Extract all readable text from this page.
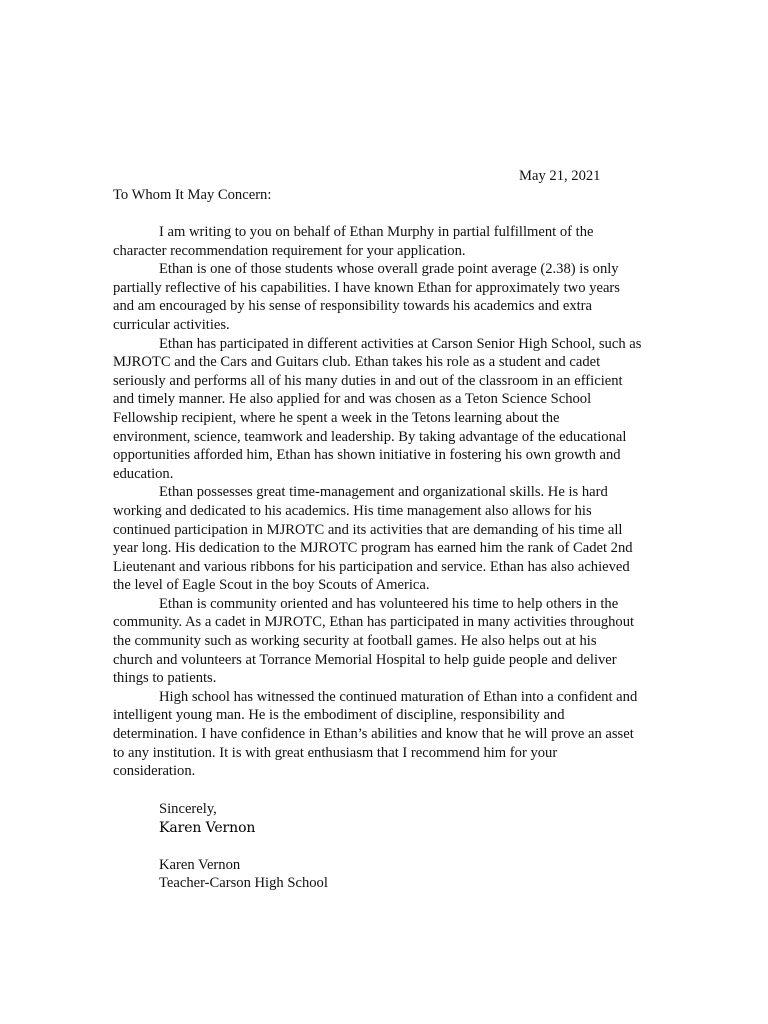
May 21, 2021
To Whom It May Concern:
I am writing to you on behalf of Ethan Murphy in partial fulfillment of the
character recommendation requirement for your application.
Ethan is one of those students whose overall grade point average (2.38) is only
partially reflective of his capabilities. I have known Ethan for approximately two years
and am encouraged by his sense of responsibility towards his academics and extra
curricular activities.
Ethan has participated in different activities at Carson Senior High School, such as
MJROTC and the Cars and Guitars club. Ethan takes his role as a student and cadet
seriously and performs all of his many duties in and out of the classroom in an efficient
and timely manner. He also applied for and was chosen as a Teton Science School
Fellowship recipient, where he spent a week in the Tetons learning about the
environment, science, teamwork and leadership. By taking advantage of the educational
opportunities afforded him, Ethan has shown initiative in fostering his own growth and
education.
Ethan possesses great time-management and organizational skills. He is hard
working and dedicated to his academics. His time management also allows for his
continued participation in MJROTC and its activities that are demanding of his time all
year long. His dedication to the MJROTC program has earned him the rank of Cadet 2nd
Lieutenant and various ribbons for his participation and service. Ethan has also achieved
the level of Eagle Scout in the boy Scouts of America.
Ethan is community oriented and has volunteered his time to help others in the
community. As a cadet in MJROTC, Ethan has participated in many activities throughout
the community such as working security at football games. He also helps out at his
church and volunteers at Torrance Memorial Hospital to help guide people and deliver
things to patients.
High school has witnessed the continued maturation of Ethan into a confident and
intelligent young man. He is the embodiment of discipline, responsibility and
determination. I have confidence in Ethan’s abilities and know that he will prove an asset
to any institution. It is with great enthusiasm that I recommend him for your
consideration.
Sincerely,
Karen Vernon
Karen Vernon
Teacher-Carson High School
